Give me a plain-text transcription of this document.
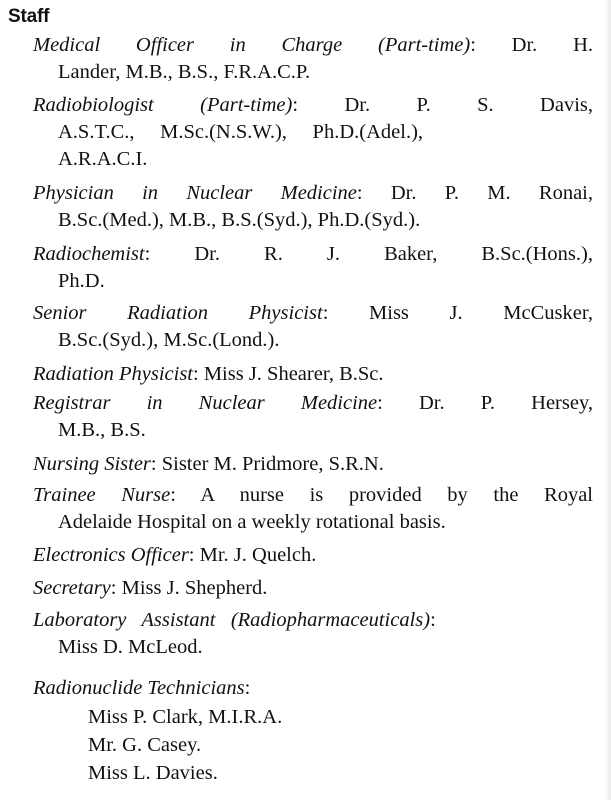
Staff
Medical Officer in Charge (Part-time): Dr. H.
Lander, M.B., B.S., F.R.A.C.P.
Radiobiologist (Part-time): Dr. P. S. Davis,
A.S.T.C.,     M.Sc.(N.S.W.),     Ph.D.(Adel.),
A.R.A.C.I.
Physician in Nuclear Medicine: Dr. P. M. Ronai,
B.Sc.(Med.), M.B., B.S.(Syd.), Ph.D.(Syd.).
Radiochemist: Dr. R. J. Baker, B.Sc.(Hons.),
Ph.D.
Senior Radiation Physicist: Miss J. McCusker,
B.Sc.(Syd.), M.Sc.(Lond.).
Radiation Physicist: Miss J. Shearer, B.Sc.
Registrar in Nuclear Medicine: Dr. P. Hersey,
M.B., B.S.
Nursing Sister: Sister M. Pridmore, S.R.N.
Trainee Nurse: A nurse is provided by the Royal
Adelaide Hospital on a weekly rotational basis.
Electronics Officer: Mr. J. Quelch.
Secretary: Miss J. Shepherd.
Laboratory   Assistant   (Radiopharmaceuticals):
Miss D. McLeod.
Radionuclide Technicians:
Miss P. Clark, M.I.R.A.
Mr. G. Casey.
Miss L. Davies.
